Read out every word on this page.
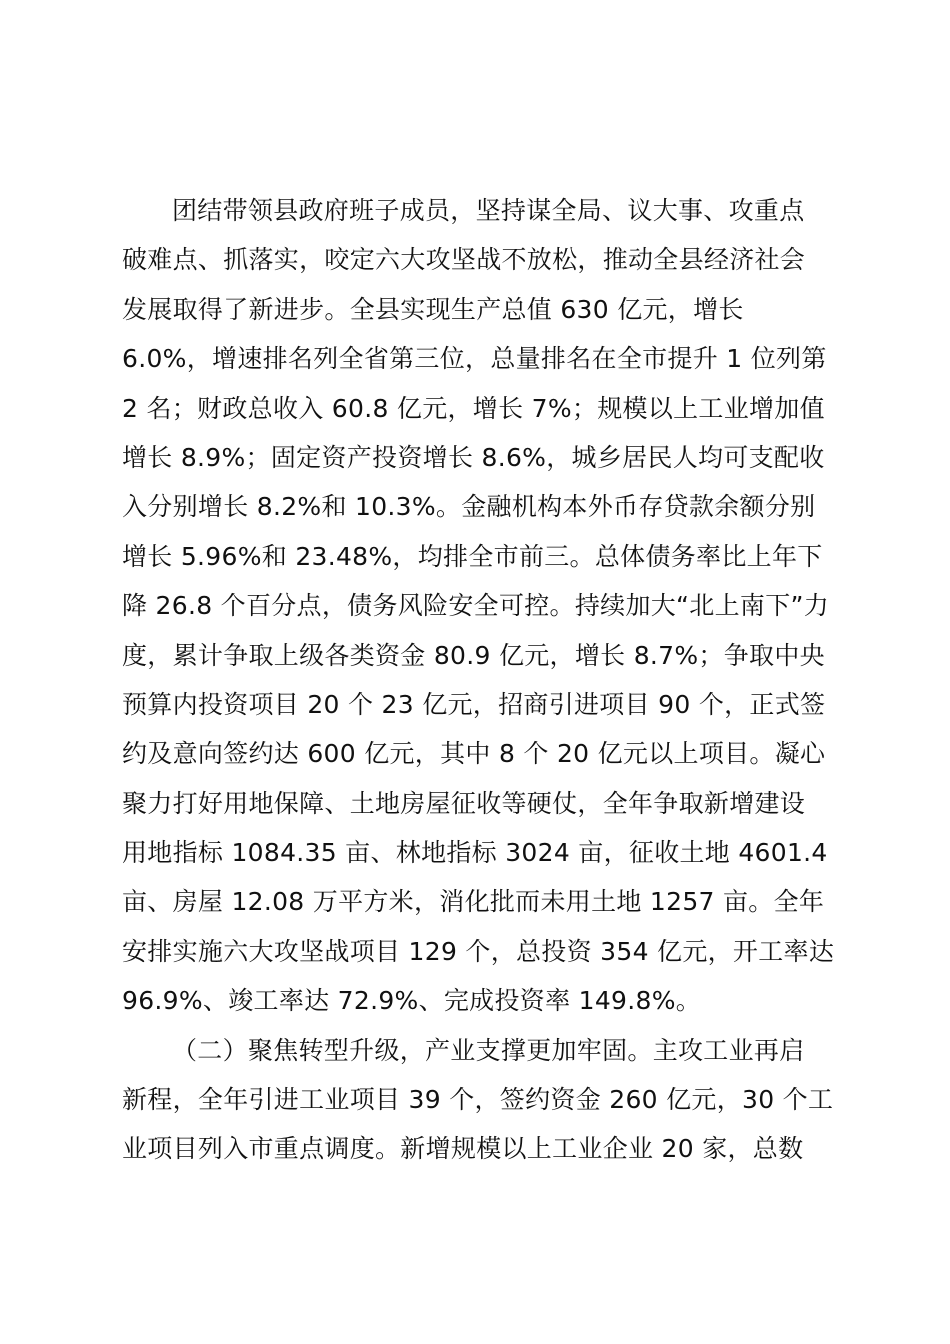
团结带领县政府班子成员，坚持谋全局、议大事、攻重点
破难点、抓落实，咬定六大攻坚战不放松，推动全县经济社会
发展取得了新进步。全县实现生产总值 630 亿元，增长
6.0%，增速排名列全省第三位，总量排名在全市提升 1 位列第
2 名；财政总收入 60.8 亿元，增长 7%；规模以上工业增加值
增长 8.9%；固定资产投资增长 8.6%，城乡居民人均可支配收
入分别增长 8.2%和 10.3%。金融机构本外币存贷款余额分别
增长 5.96%和 23.48%，均排全市前三。总体债务率比上年下
降 26.8 个百分点，债务风险安全可控。持续加大“北上南下”力
度，累计争取上级各类资金 80.9 亿元，增长 8.7%；争取中央
预算内投资项目 20 个 23 亿元，招商引进项目 90 个，正式签
约及意向签约达 600 亿元，其中 8 个 20 亿元以上项目。凝心
聚力打好用地保障、土地房屋征收等硬仗，全年争取新增建设
用地指标 1084.35 亩、林地指标 3024 亩，征收土地 4601.4
亩、房屋 12.08 万平方米，消化批而未用土地 1257 亩。全年
安排实施六大攻坚战项目 129 个，总投资 354 亿元，开工率达
96.9%、竣工率达 72.9%、完成投资率 149.8%。
（二）聚焦转型升级，产业支撑更加牢固。主攻工业再启
新程，全年引进工业项目 39 个，签约资金 260 亿元，30 个工
业项目列入市重点调度。新增规模以上工业企业 20 家，总数
